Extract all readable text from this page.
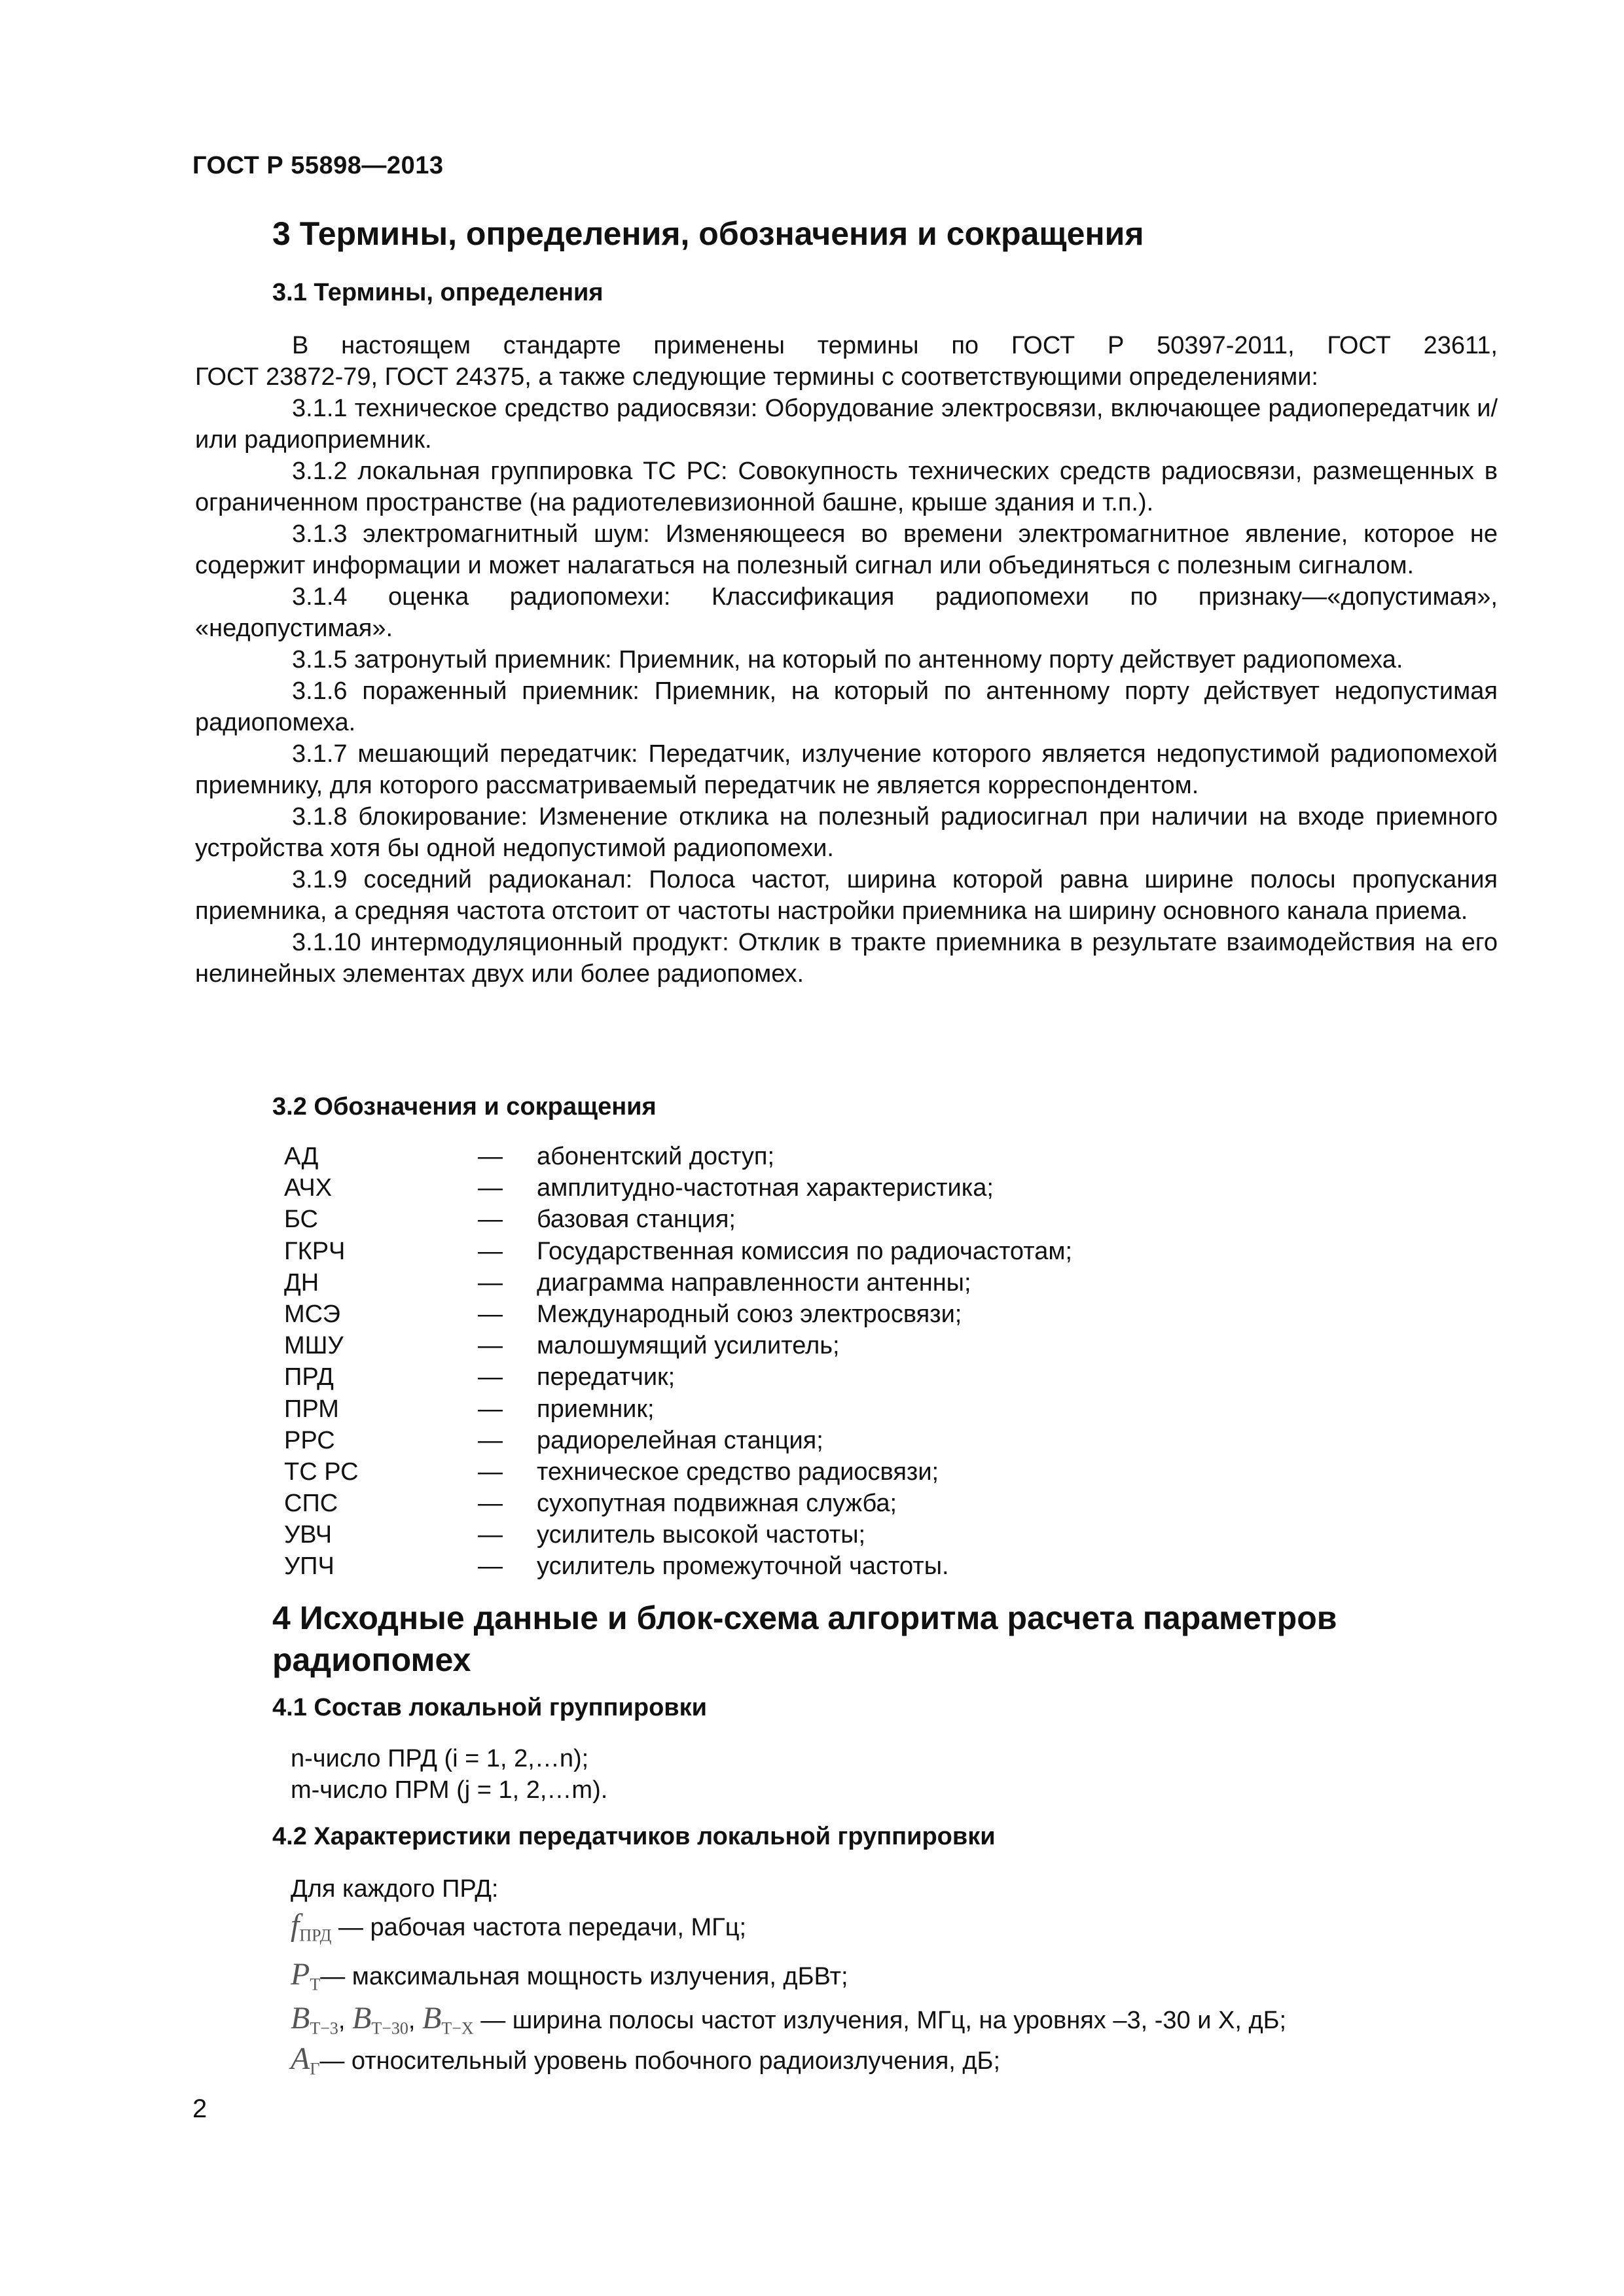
ГОСТ Р 55898—2013
3 Термины, определения, обозначения и сокращения
3.1 Термины, определения

В настоящем стандарте применены термины по ГОСТ Р 50397-2011, ГОСТ 23611,

ГОСТ 23872-79, ГОСТ 24375, а также следующие термины с соответствующими определениями:

3.1.1 техническое средство радиосвязи: Оборудование электросвязи, включающее радиопередатчик и/или радиоприемник.

3.1.2 локальная группировка ТС РС: Совокупность технических средств радиосвязи, размещенных в ограниченном пространстве (на радиотелевизионной башне, крыше здания и т.п.).

3.1.3 электромагнитный шум: Изменяющееся во времени электромагнитное явление, которое не содержит информации и может налагаться на полезный сигнал или объединяться с полезным сигналом.

3.1.4 оценка радиопомехи: Классификация радиопомехи по признаку—«допустимая», «недопустимая».

3.1.5 затронутый приемник: Приемник, на который по антенному порту действует радиопомеха.

3.1.6 пораженный приемник: Приемник, на который по антенному порту действует недопустимая радиопомеха.

3.1.7 мешающий передатчик: Передатчик, излучение которого является недопустимой радиопомехой приемнику, для которого рассматриваемый передатчик не является корреспондентом.

3.1.8 блокирование: Изменение отклика на полезный радиосигнал при наличии на входе приемного устройства хотя бы одной недопустимой радиопомехи.

3.1.9 соседний радиоканал: Полоса частот, ширина которой равна ширине полосы пропускания приемника, а средняя частота отстоит от частоты настройки приемника на ширину основного канала приема.

3.1.10 интермодуляционный продукт: Отклик в тракте приемника в результате взаимодействия на его нелинейных элементах двух или более радиопомех.

3.2 Обозначения и сокращения
АД	—	абонентский доступ;
АЧХ	—	амплитудно-частотная характеристика;
БС	—	базовая станция;
ГКРЧ	—	Государственная комиссия по радиочастотам;
ДН	—	диаграмма направленности антенны;
МСЭ	—	Международный союз электросвязи;
МШУ	—	малошумящий усилитель;
ПРД	—	передатчик;
ПРМ	—	приемник;
РРС	—	радиорелейная станция;
ТС РС	—	техническое средство радиосвязи;
СПС	—	сухопутная подвижная служба;
УВЧ	—	усилитель высокой частоты;
УПЧ	—	усилитель промежуточной частоты.
4 Исходные данные и блок-схема алгоритма расчета параметров радиопомех
4.1 Состав локальной группировки
n-число ПРД (i = 1, 2,…n);
m-число ПРМ (j = 1, 2,…m).
4.2 Характеристики передатчиков локальной группировки
Для каждого ПРД:
$f_{ПРД}$ — рабочая частота передачи, МГц;
$P_Т—$ максимальная мощность излучения, дБВт;
$B_{Т-3}$, $B_{Т-30}$, $B_{Т-X}$ — ширина полосы частот излучения, МГц, на уровнях –3, -30 и Х, дБ;
$A_Г—$ относительный уровень побочного радиоизлучения, дБ;
2
